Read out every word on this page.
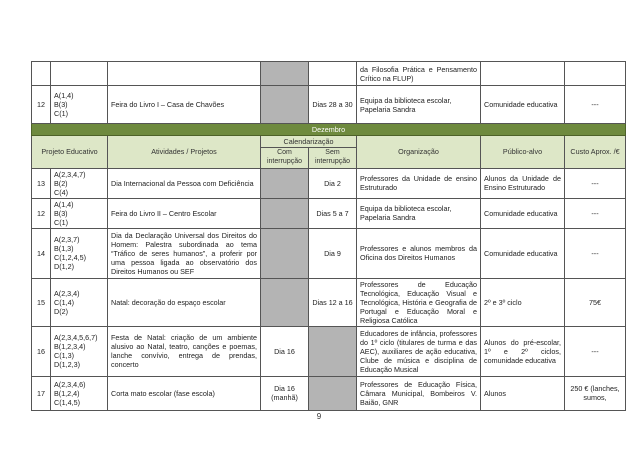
					da Filosofia Prática e Pensamento Crítico na FLUP)		
12	A(1,4)
B(3)
C(1)	Feira do Livro I – Casa de Chavões		Dias 28 a 30	Equipa da biblioteca escolar, Papelaria Sandra	Comunidade educativa	---
Dezembro							
Projeto Educativo		Atividades / Projetos	Calendarização		Organização	Público-alvo	Custo Aprox. /€
			Com interrupção	Sem interrupção			
13	A(2,3,4,7)
B(2)
C(4)	Dia Internacional da Pessoa com Deficiência		Dia 2	Professores da Unidade de ensino Estruturado	Alunos da Unidade de Ensino Estruturado	---
12	A(1,4)
B(3)
C(1)	Feira do Livro II – Centro Escolar		Dias 5 a 7	Equipa da biblioteca escolar, Papelaria Sandra	Comunidade educativa	---
14	A(2,3,7)
B(1,3)
C(1,2,4,5)
D(1,2)	Dia da Declaração Universal dos Direitos do Homem: Palestra subordinada ao tema “Tráfico de seres humanos”, a proferir por uma pessoa ligada ao observatório dos Direitos Humanos ou SEF		Dia 9	Professores e alunos membros da Oficina dos Direitos Humanos	Comunidade educativa	---
15	A(2,3,4)
C(1,4)
D(2)	Natal: decoração do espaço escolar		Dias 12 a 16	Professores de Educação Tecnológica, Educação Visual e Tecnológica, História e Geografia de Portugal e Educação Moral e Religiosa Católica	2º e 3º ciclo	75€
16	A(2,3,4,5,6,7)
B(1,2,3,4)
C(1,3)
D(1,2,3)	Festa de Natal: criação de um ambiente alusivo ao Natal, teatro, canções e poemas, lanche convívio, entrega de prendas, concerto	Dia 16		Educadores de infância, professores do 1º ciclo (titulares de turma e das AEC), auxiliares de ação educativa, Clube de música e disciplina de Educação Musical	Alunos do pré-escolar, 1º e 2º ciclos, comunidade educativa	---
17	A(2,3,4,6)
B(1,2,4)
C(1,4,5)	Corta mato escolar (fase escola)	Dia 16 (manhã)		Professores de Educação Física, Câmara Municipal, Bombeiros V. Baião, GNR	Alunos	250 € (lanches, sumos,
9
